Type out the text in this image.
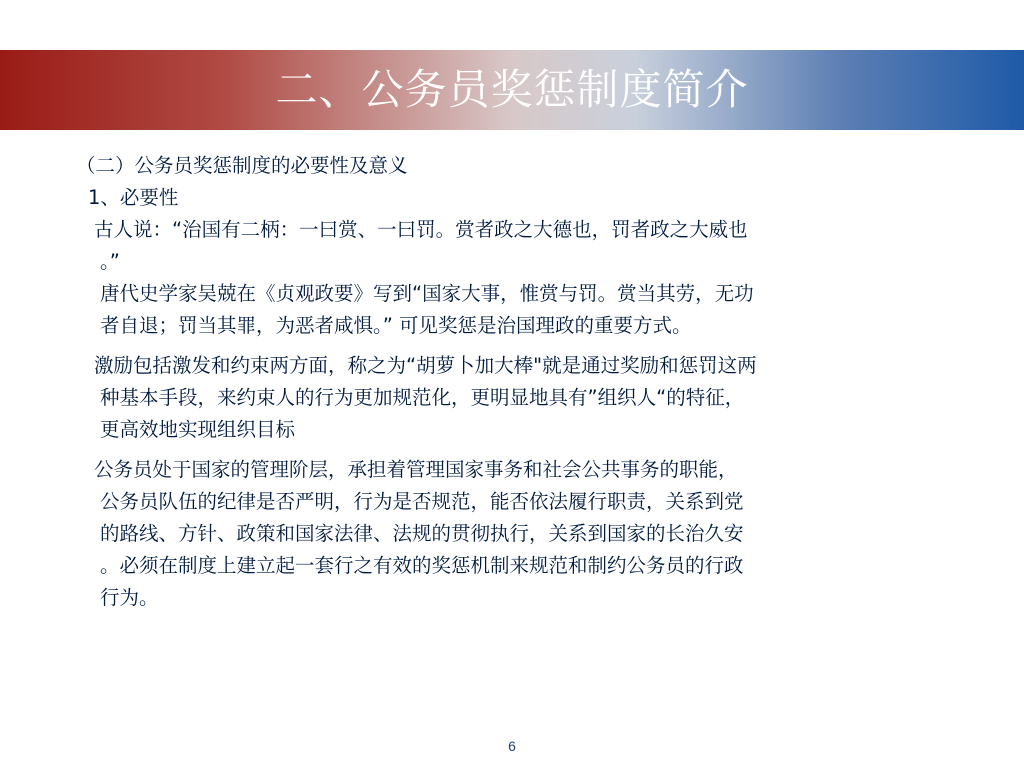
二、公务员奖惩制度简介
（二）公务员奖惩制度的必要性及意义
1、必要性
古人说：“治国有二柄：一曰赏、一曰罚。赏者政之大德也，罚者政之大威也
。”
唐代史学家吴兢在《贞观政要》写到“国家大事，惟赏与罚。赏当其劳，无功
者自退；罚当其罪，为恶者咸惧。” 可见奖惩是治国理政的重要方式。
激励包括激发和约束两方面，称之为“胡萝卜加大棒"就是通过奖励和惩罚这两
种基本手段，来约束人的行为更加规范化，更明显地具有”组织人“的特征，
更高效地实现组织目标
公务员处于国家的管理阶层，承担着管理国家事务和社会公共事务的职能，
公务员队伍的纪律是否严明，行为是否规范，能否依法履行职责，关系到党
的路线、方针、政策和国家法律、法规的贯彻执行，关系到国家的长治久安
。必须在制度上建立起一套行之有效的奖惩机制来规范和制约公务员的行政
行为。
6
